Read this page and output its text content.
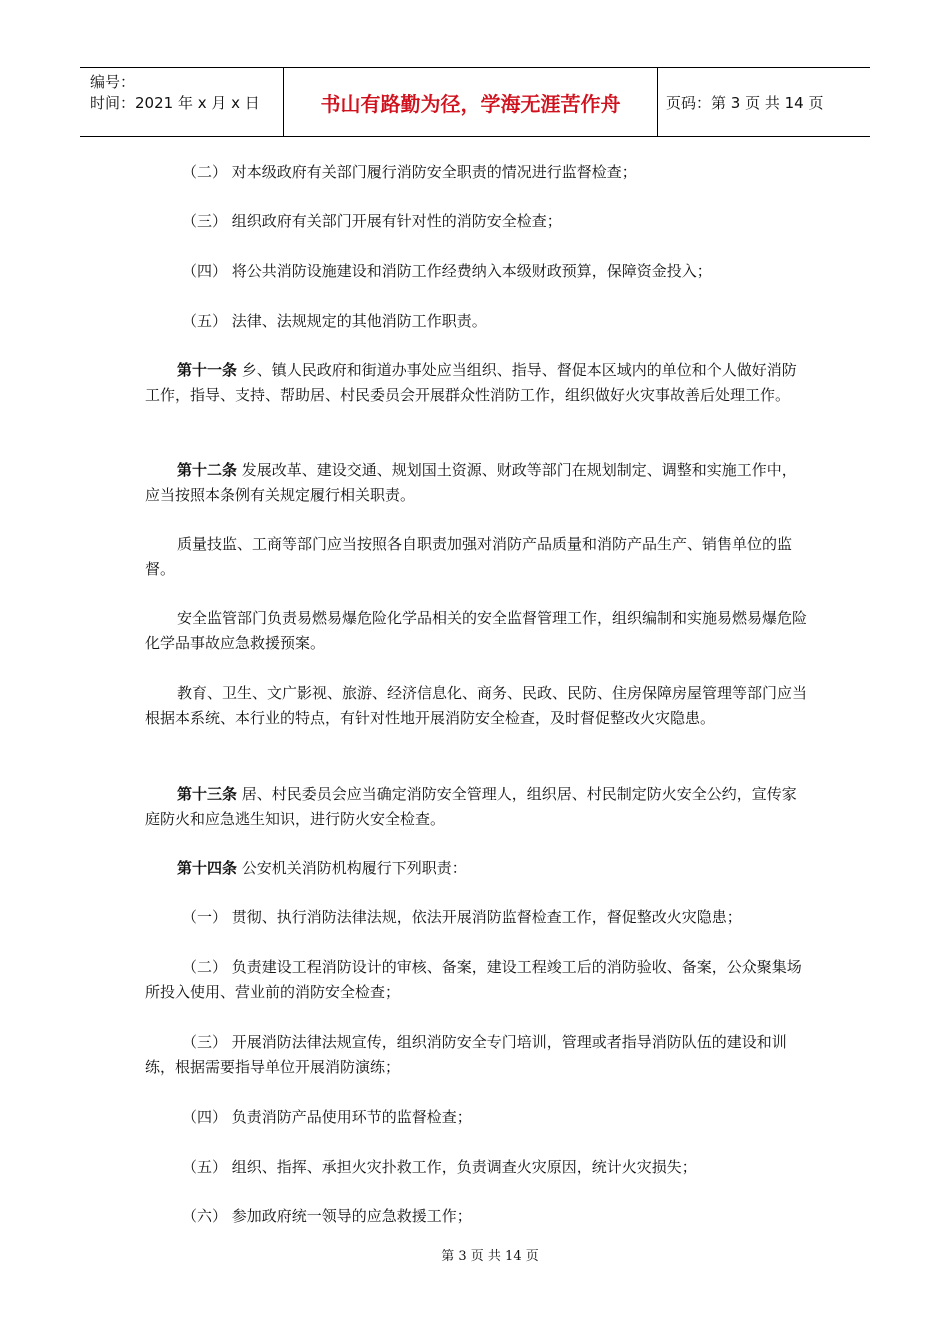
编号：
时间：2021 年 x 月 x 日	书山有路勤为径，学海无涯苦作舟	页码：第 3 页 共 14 页

（二） 对本级政府有关部门履行消防安全职责的情况进行监督检查；

（三） 组织政府有关部门开展有针对性的消防安全检查；

（四） 将公共消防设施建设和消防工作经费纳入本级财政预算，保障资金投入；

（五） 法律、法规规定的其他消防工作职责。

第十一条 乡、镇人民政府和街道办事处应当组织、指导、督促本区域内的单位和个人做好消防工作，指导、支持、帮助居、村民委员会开展群众性消防工作，组织做好火灾事故善后处理工作。

第十二条 发展改革、建设交通、规划国土资源、财政等部门在规划制定、调整和实施工作中，应当按照本条例有关规定履行相关职责。

质量技监、工商等部门应当按照各自职责加强对消防产品质量和消防产品生产、销售单位的监督。

安全监管部门负责易燃易爆危险化学品相关的安全监督管理工作，组织编制和实施易燃易爆危险化学品事故应急救援预案。

教育、卫生、文广影视、旅游、经济信息化、商务、民政、民防、住房保障房屋管理等部门应当根据本系统、本行业的特点，有针对性地开展消防安全检查，及时督促整改火灾隐患。

第十三条 居、村民委员会应当确定消防安全管理人，组织居、村民制定防火安全公约，宣传家庭防火和应急逃生知识，进行防火安全检查。

第十四条 公安机关消防机构履行下列职责：

（一） 贯彻、执行消防法律法规，依法开展消防监督检查工作，督促整改火灾隐患；

（二） 负责建设工程消防设计的审核、备案，建设工程竣工后的消防验收、备案，公众聚集场所投入使用、营业前的消防安全检查；

（三） 开展消防法律法规宣传，组织消防安全专门培训，管理或者指导消防队伍的建设和训练，根据需要指导单位开展消防演练；

（四） 负责消防产品使用环节的监督检查；

（五） 组织、指挥、承担火灾扑救工作，负责调查火灾原因，统计火灾损失；

（六） 参加政府统一领导的应急救援工作；

第 3 页 共 14 页
